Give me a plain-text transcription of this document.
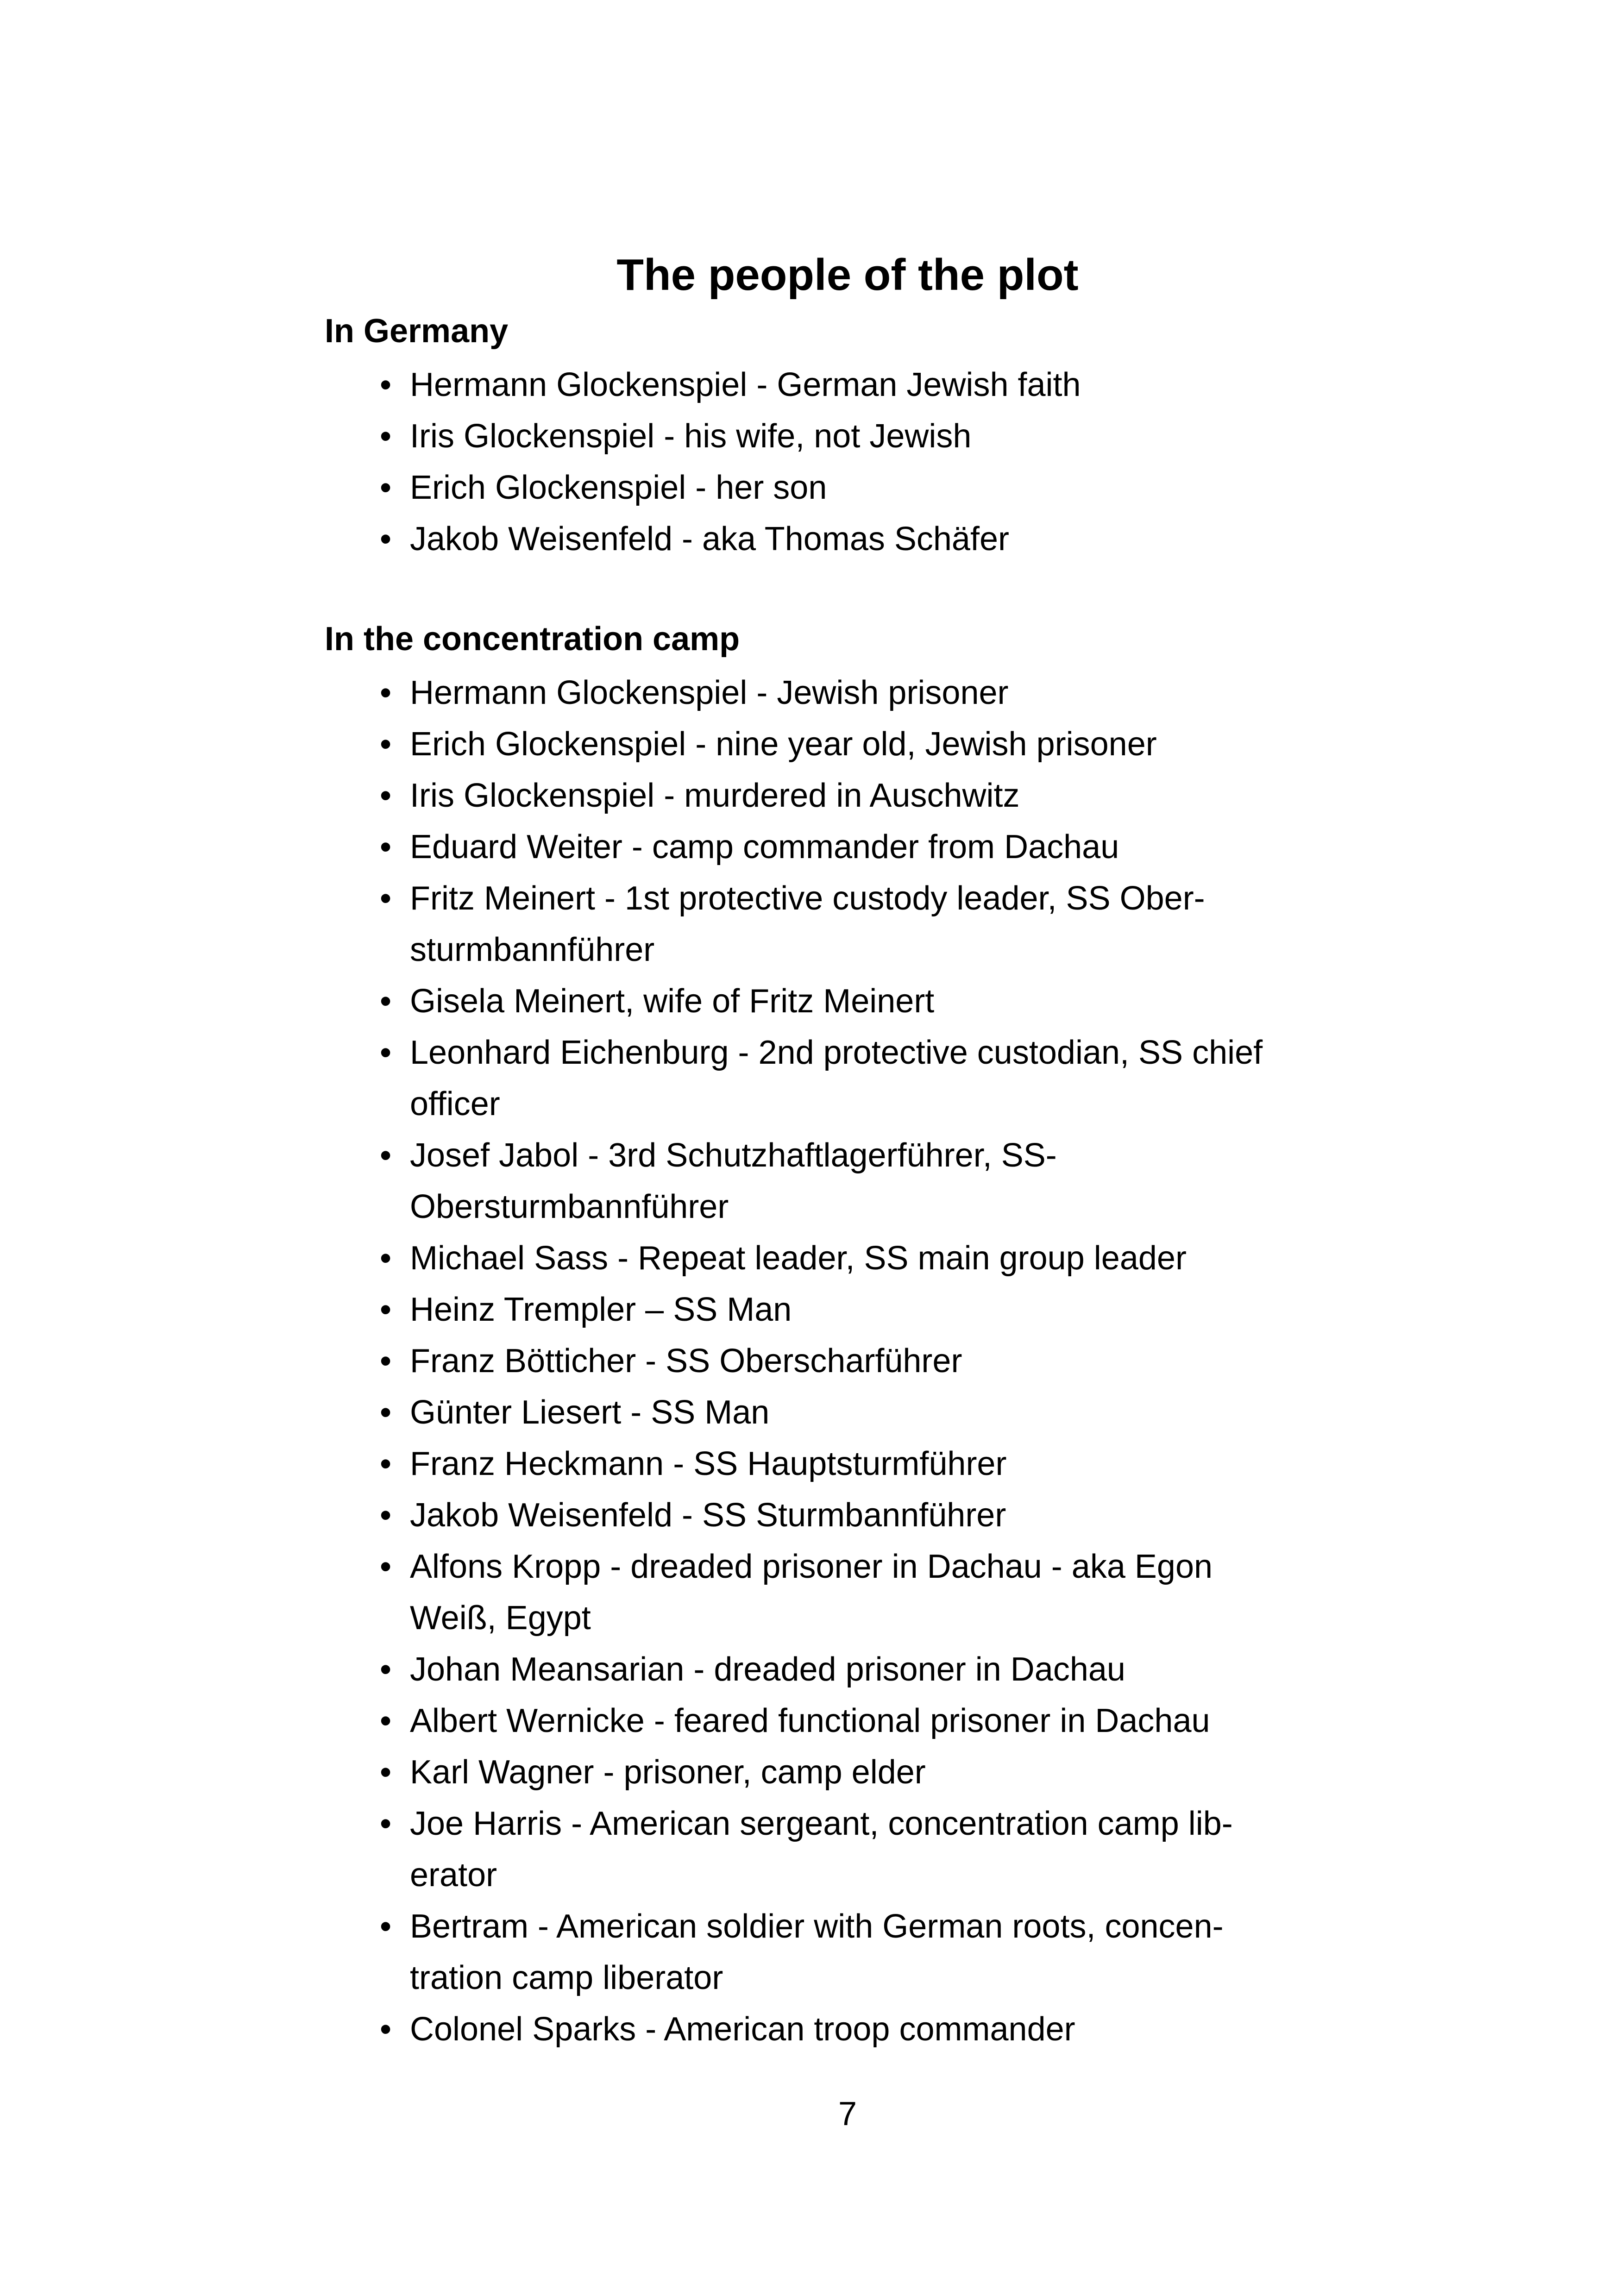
The people of the plot
In Germany
• Hermann Glockenspiel - German Jewish faith
• Iris Glockenspiel - his wife, not Jewish
• Erich Glockenspiel - her son
• Jakob Weisenfeld - aka Thomas Schäfer
In the concentration camp
• Hermann Glockenspiel - Jewish prisoner
• Erich Glockenspiel - nine year old, Jewish prisoner
• Iris Glockenspiel - murdered in Auschwitz
• Eduard Weiter - camp commander from Dachau
• Fritz Meinert - 1st protective custody leader, SS Ober-
sturmbannführer
• Gisela Meinert, wife of Fritz Meinert
• Leonhard Eichenburg - 2nd protective custodian, SS chief
officer
• Josef Jabol - 3rd Schutzhaftlagerführer, SS-
Obersturmbannführer
• Michael Sass - Repeat leader, SS main group leader
• Heinz Trempler – SS Man
• Franz Bötticher - SS Oberscharführer
• Günter Liesert - SS Man
• Franz Heckmann - SS Hauptsturmführer
• Jakob Weisenfeld - SS Sturmbannführer
• Alfons Kropp - dreaded prisoner in Dachau - aka Egon
Weiß, Egypt
• Johan Meansarian - dreaded prisoner in Dachau
• Albert Wernicke - feared functional prisoner in Dachau
• Karl Wagner - prisoner, camp elder
• Joe Harris - American sergeant, concentration camp lib-
erator
• Bertram - American soldier with German roots, concen-
tration camp liberator
• Colonel Sparks - American troop commander
7
